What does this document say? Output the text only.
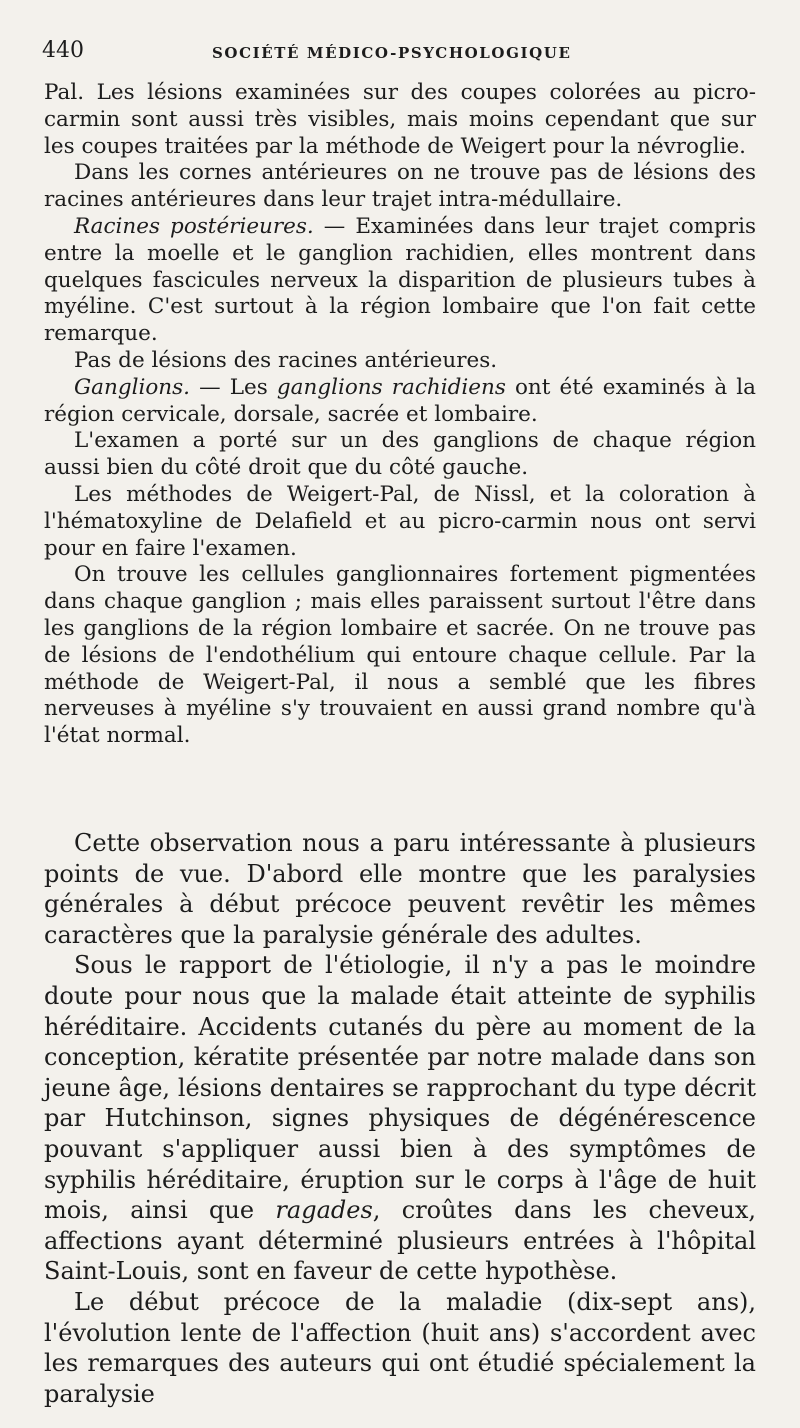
440	SOCIÉTÉ MÉDICO-PSYCHOLOGIQUE

Pal. Les lésions examinées sur des coupes colorées au picro-carmin sont aussi très visibles, mais moins cependant que sur les coupes traitées par la méthode de Weigert pour la névroglie.

Dans les cornes antérieures on ne trouve pas de lésions des racines antérieures dans leur trajet intra-médullaire.

Racines postérieures. — Examinées dans leur trajet compris entre la moelle et le ganglion rachidien, elles montrent dans quelques fascicules nerveux la disparition de plusieurs tubes à myéline. C'est surtout à la région lombaire que l'on fait cette remarque.

Pas de lésions des racines antérieures.

Ganglions. — Les ganglions rachidiens ont été examinés à la région cervicale, dorsale, sacrée et lombaire.

L'examen a porté sur un des ganglions de chaque région aussi bien du côté droit que du côté gauche.

Les méthodes de Weigert-Pal, de Nissl, et la coloration à l'hématoxyline de Delafield et au picro-carmin nous ont servi pour en faire l'examen.

On trouve les cellules ganglionnaires fortement pigmentées dans chaque ganglion ; mais elles paraissent surtout l'être dans les ganglions de la région lombaire et sacrée. On ne trouve pas de lésions de l'endothélium qui entoure chaque cellule. Par la méthode de Weigert-Pal, il nous a semblé que les fibres nerveuses à myéline s'y trouvaient en aussi grand nombre qu'à l'état normal.

Cette observation nous a paru intéressante à plusieurs points de vue. D'abord elle montre que les paralysies générales à début précoce peuvent revêtir les mêmes caractères que la paralysie générale des adultes.

Sous le rapport de l'étiologie, il n'y a pas le moindre doute pour nous que la malade était atteinte de syphilis héréditaire. Accidents cutanés du père au moment de la conception, kératite présentée par notre malade dans son jeune âge, lésions dentaires se rapprochant du type décrit par Hutchinson, signes physiques de dégénérescence pouvant s'appliquer aussi bien à des symptômes de syphilis héréditaire, éruption sur le corps à l'âge de huit mois, ainsi que ragades, croûtes dans les cheveux, affections ayant déterminé plusieurs entrées à l'hôpital Saint-Louis, sont en faveur de cette hypothèse.

Le début précoce de la maladie (dix-sept ans), l'évolution lente de l'affection (huit ans) s'accordent avec les remarques des auteurs qui ont étudié spécialement la paralysie
